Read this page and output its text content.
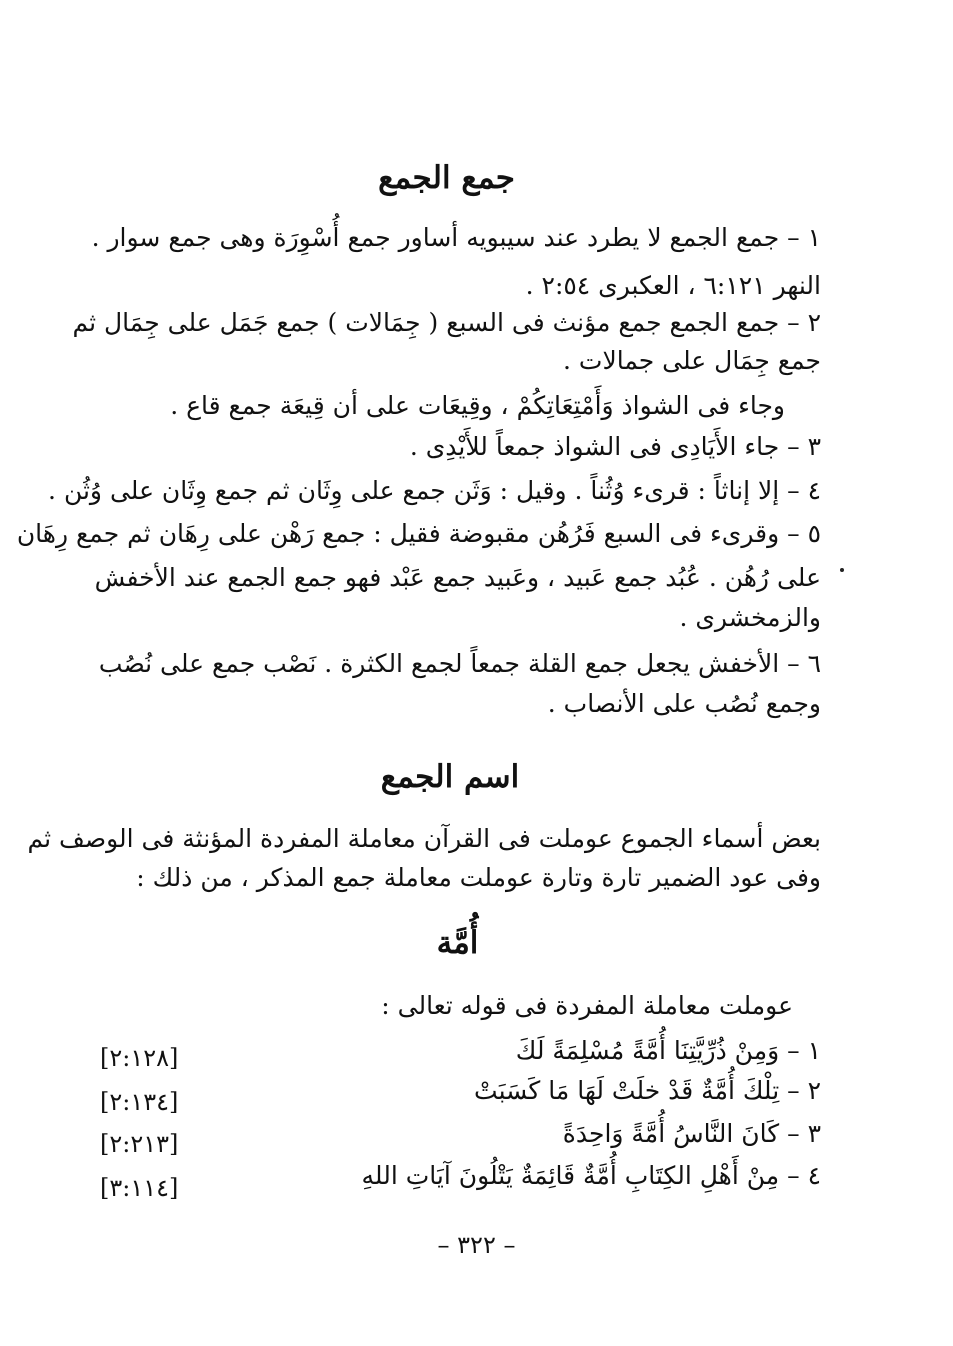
جمع الجمع
١ – جمع الجمع لا يطرد عند سيبويه أساور جمع أُسْوِرَة وهى جمع سوار .
النهر ٦:١٢١ ، العكبرى ٢:٥٤ .
٢ – جمع الجمع جمع مؤنث فى السبع ( جِمَالات ) جمع جَمَل على جِمَال ثم
جمع جِمَال على جمالات .
وجاء فى الشواذ وَأَمْتِعَاتِكُمْ ، وقِيعَات على أن قِيعَة جمع قاع .
٣ – جاء الأَيَادِى فى الشواذ جمعاً للأَيْدِى .
٤ – إلا إناثاً : قرىء وُثُناً . وقيل : وَثَن جمع على وِثَان ثم جمع وِثَان على وُثُن .
٥ – وقرىء فى السبع فَرُهُن مقبوضة فقيل : جمع رَهْن على رِهَان ثم جمع رِهَان
على رُهُن . عُبُد جمع عَبيد ، وعَبيد جمع عَبْد فهو جمع الجمع عند الأخفش
والزمخشرى .
٦ – الأخفش يجعل جمع القلة جمعاً لجمع الكثرة . نَصْب جمع على نُصُب
وجمع نُصُب على الأنصاب .
اسم الجمع
بعض أسماء الجموع عوملت فى القرآن معاملة المفردة المؤنثة فى الوصف ثم
وفى عود الضمير تارة وتارة عوملت معاملة جمع المذكر ، من ذلك :
أُمَّة
عوملت معاملة المفردة فى قوله تعالى :
١ – وَمِنْ ذُرِّيَّتِنَا أُمَّةً مُسْلِمَةً لَكَ
[٢:١٢٨]
٢ – تِلْكَ أُمَّةٌ قَدْ خلَتْ لَهَا مَا كَسَبَتْ
[٢:١٣٤]
٣ – كَانَ النَّاسُ أُمَّةً وَاحِدَةً
[٢:٢١٣]
٤ – مِنْ أَهْلِ الكِتَابِ أُمَّةٌ قَائِمَةٌ يَتْلُونَ آيَاتِ اللهِ
[٣:١١٤]
– ٣٢٢ –
